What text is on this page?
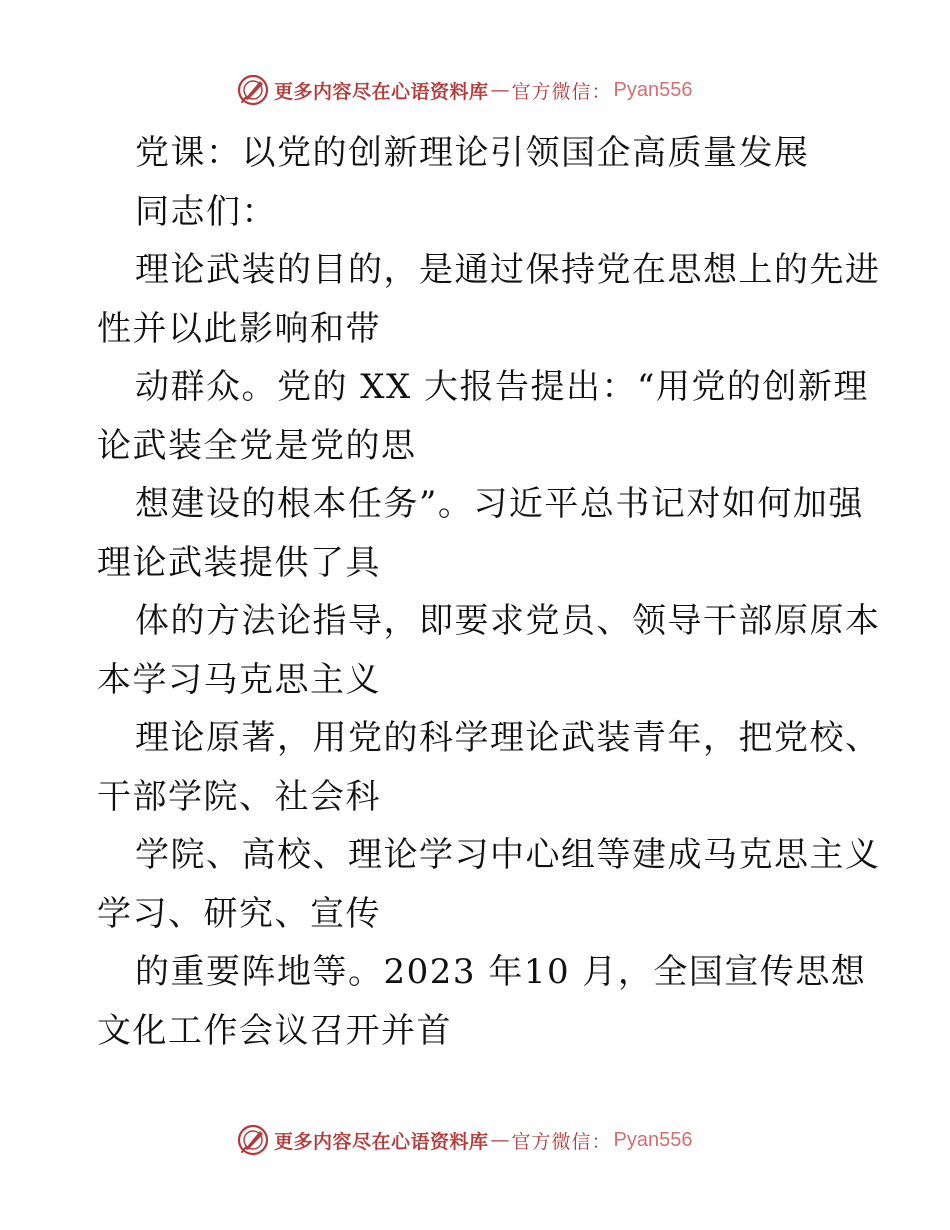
更多内容尽在心语资料库 — 官方微信： Pyan556
党课：以党的创新理论引领国企高质量发展
同志们：
理论武装的目的，是通过保持党在思想上的先进
性并以此影响和带
动群众。党的 XX 大报告提出：“用党的创新理
论武装全党是党的思
想建设的根本任务”。习近平总书记对如何加强
理论武装提供了具
体的方法论指导，即要求党员、领导干部原原本
本学习马克思主义
理论原著，用党的科学理论武装青年，把党校、
干部学院、社会科
学院、高校、理论学习中心组等建成马克思主义
学习、研究、宣传
的重要阵地等。2023 年10 月，全国宣传思想
文化工作会议召开并首
更多内容尽在心语资料库 — 官方微信： Pyan556
